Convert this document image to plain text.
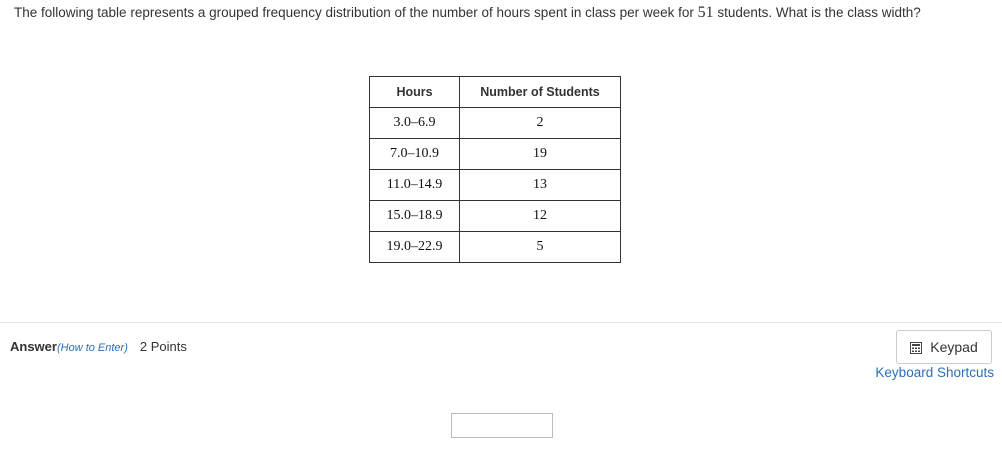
The following table represents a grouped frequency distribution of the number of hours spent in class per week for 51 students. What is the class width?
Hours	Number of Students
3.0–6.9	2
7.0–10.9	19
11.0–14.9	13
15.0–18.9	12
19.0–22.9	5
Answer(How to Enter) 2 Points	Keypad
Keyboard Shortcuts
